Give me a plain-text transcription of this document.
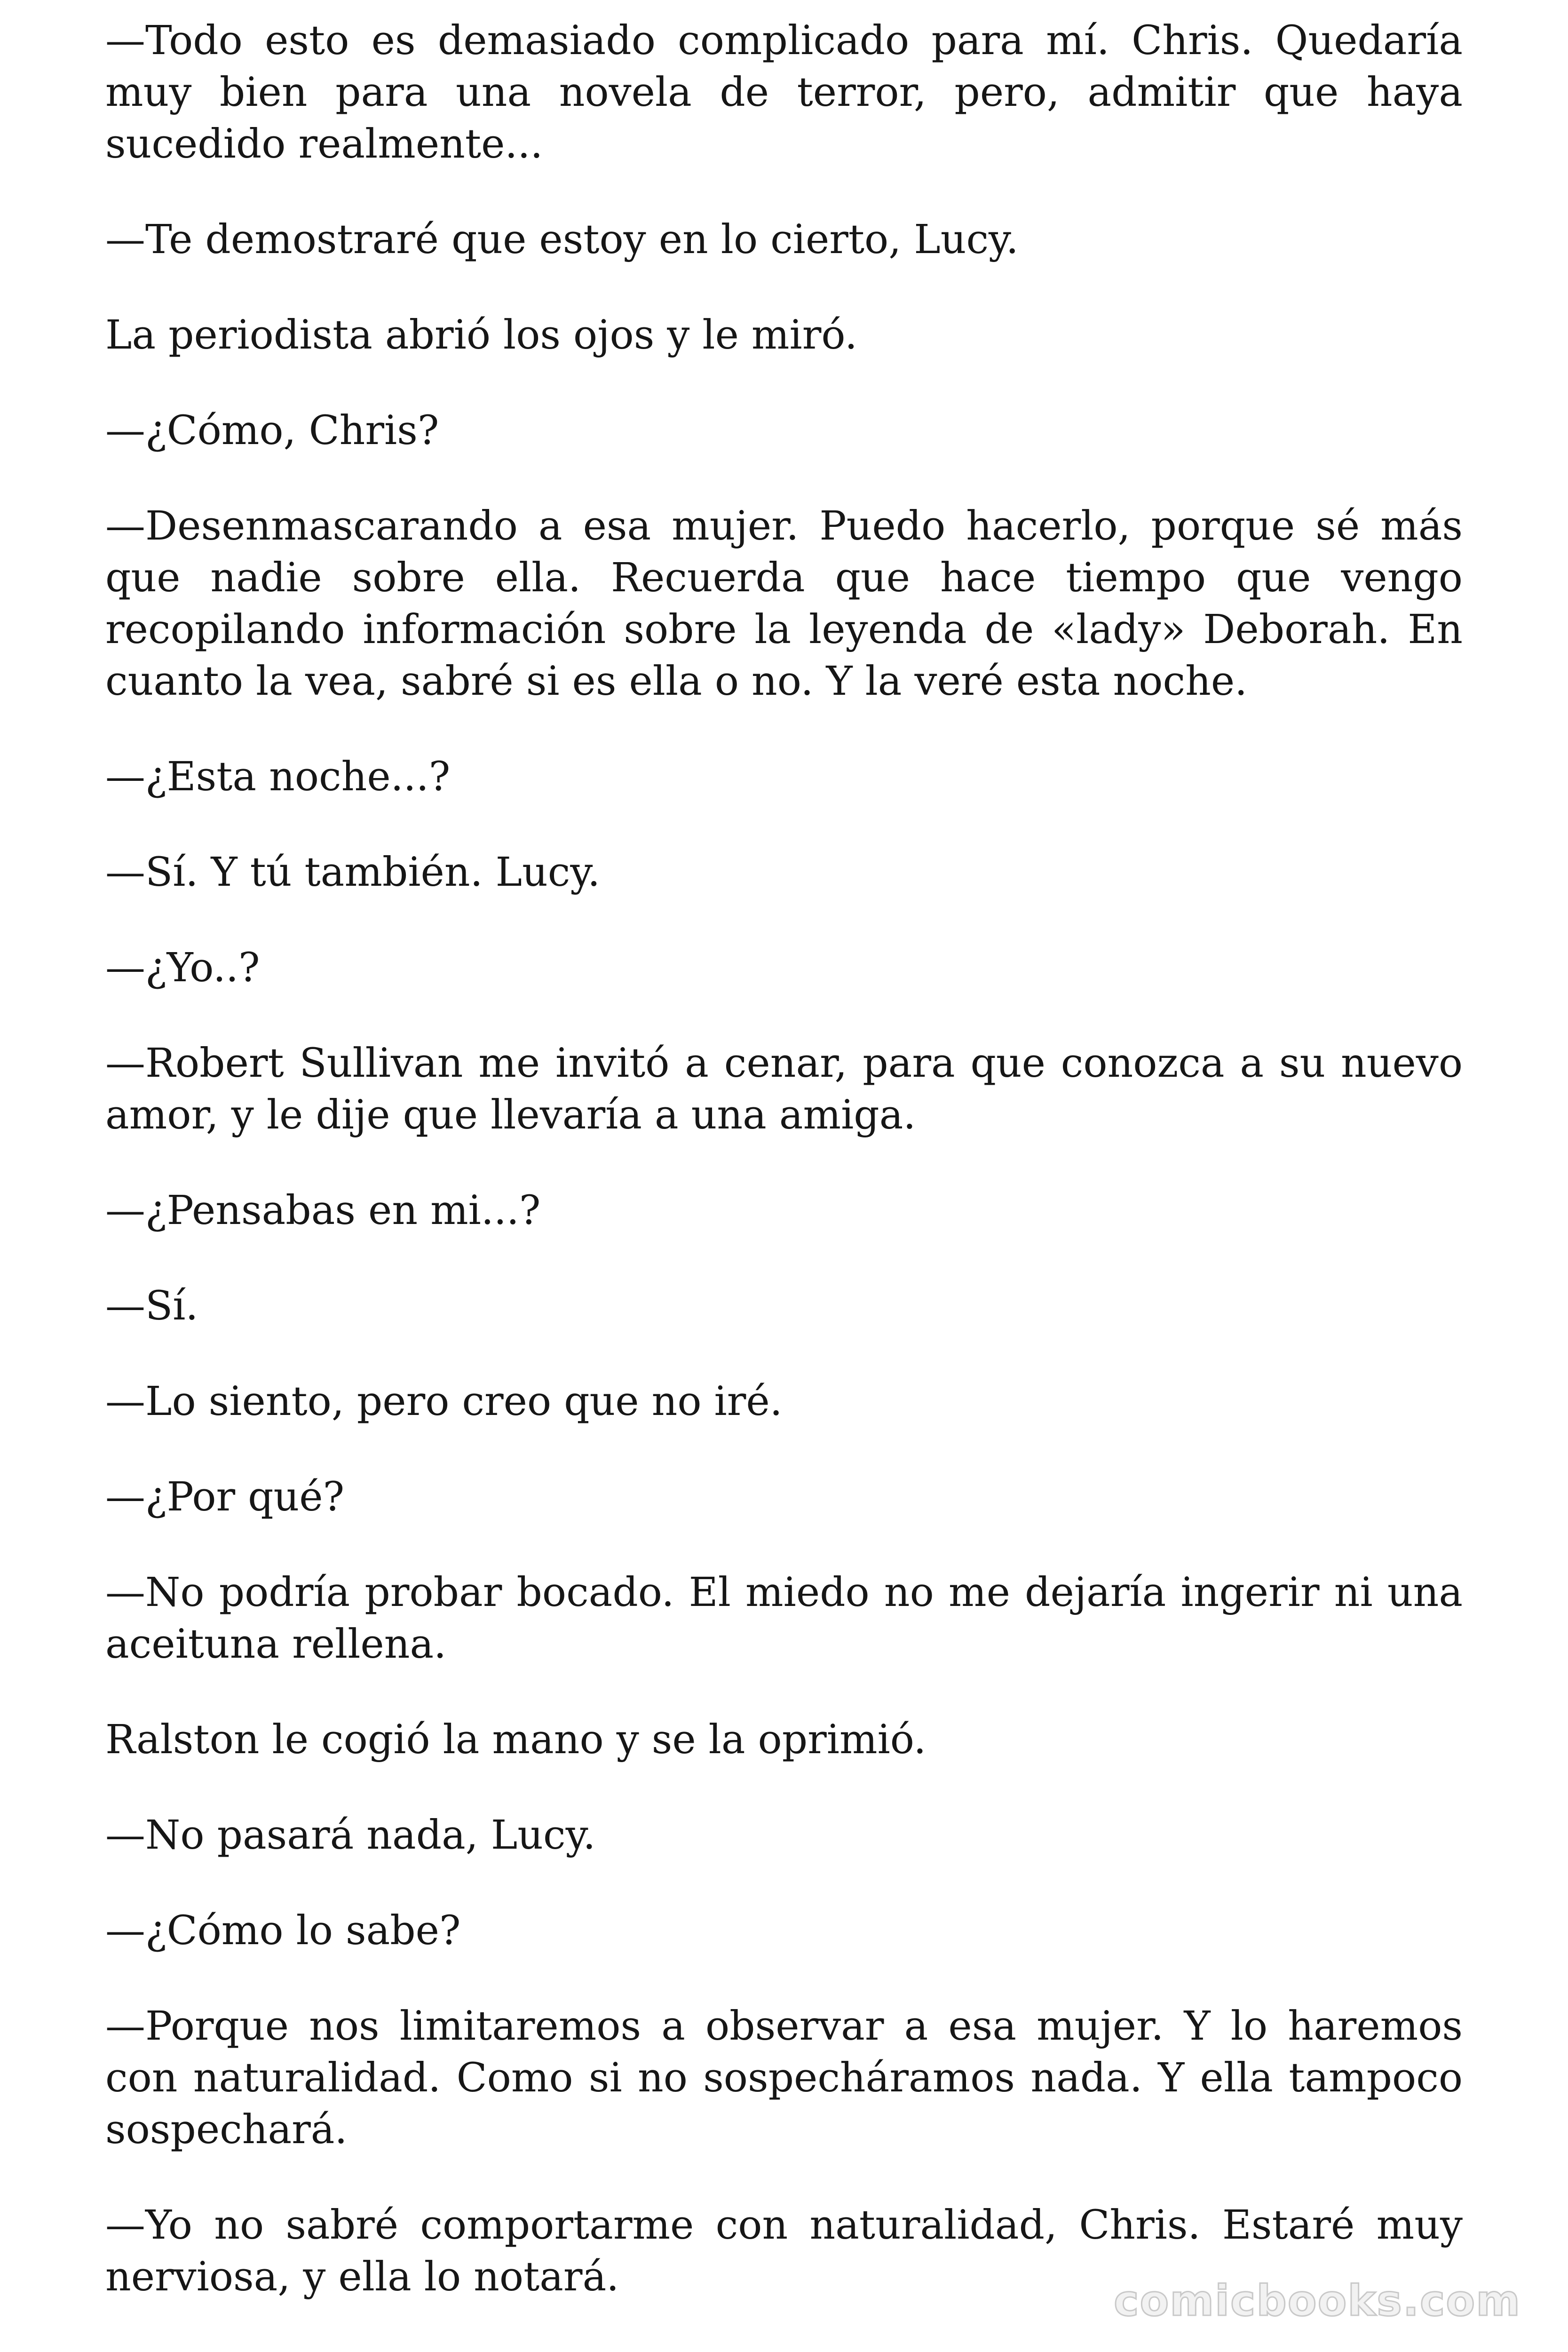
—Todo esto es demasiado complicado para mí. Chris. Quedaría muy bien para una novela de terror, pero, admitir que haya sucedido realmente...

—Te demostraré que estoy en lo cierto, Lucy.

La periodista abrió los ojos y le miró.

—¿Cómo, Chris?

—Desenmascarando a esa mujer. Puedo hacerlo, porque sé más que nadie sobre ella. Recuerda que hace tiempo que vengo recopilando información sobre la leyenda de «lady» Deborah. En cuanto la vea, sabré si es ella o no. Y la veré esta noche.

—¿Esta noche...?

—Sí. Y tú también. Lucy.

—¿Yo..?

—Robert Sullivan me invitó a cenar, para que conozca a su nuevo amor, y le dije que llevaría a una amiga.

—¿Pensabas en mi...?

—Sí.

—Lo siento, pero creo que no iré.

—¿Por qué?

—No podría probar bocado. El miedo no me dejaría ingerir ni una aceituna rellena.

Ralston le cogió la mano y se la oprimió.

—No pasará nada, Lucy.

—¿Cómo lo sabe?

—Porque nos limitaremos a observar a esa mujer. Y lo haremos con naturalidad. Como si no sospecháramos nada. Y ella tampoco sospechará.

—Yo no sabré comportarme con naturalidad, Chris. Estaré muy nerviosa, y ella lo notará.	comicbooks.com
